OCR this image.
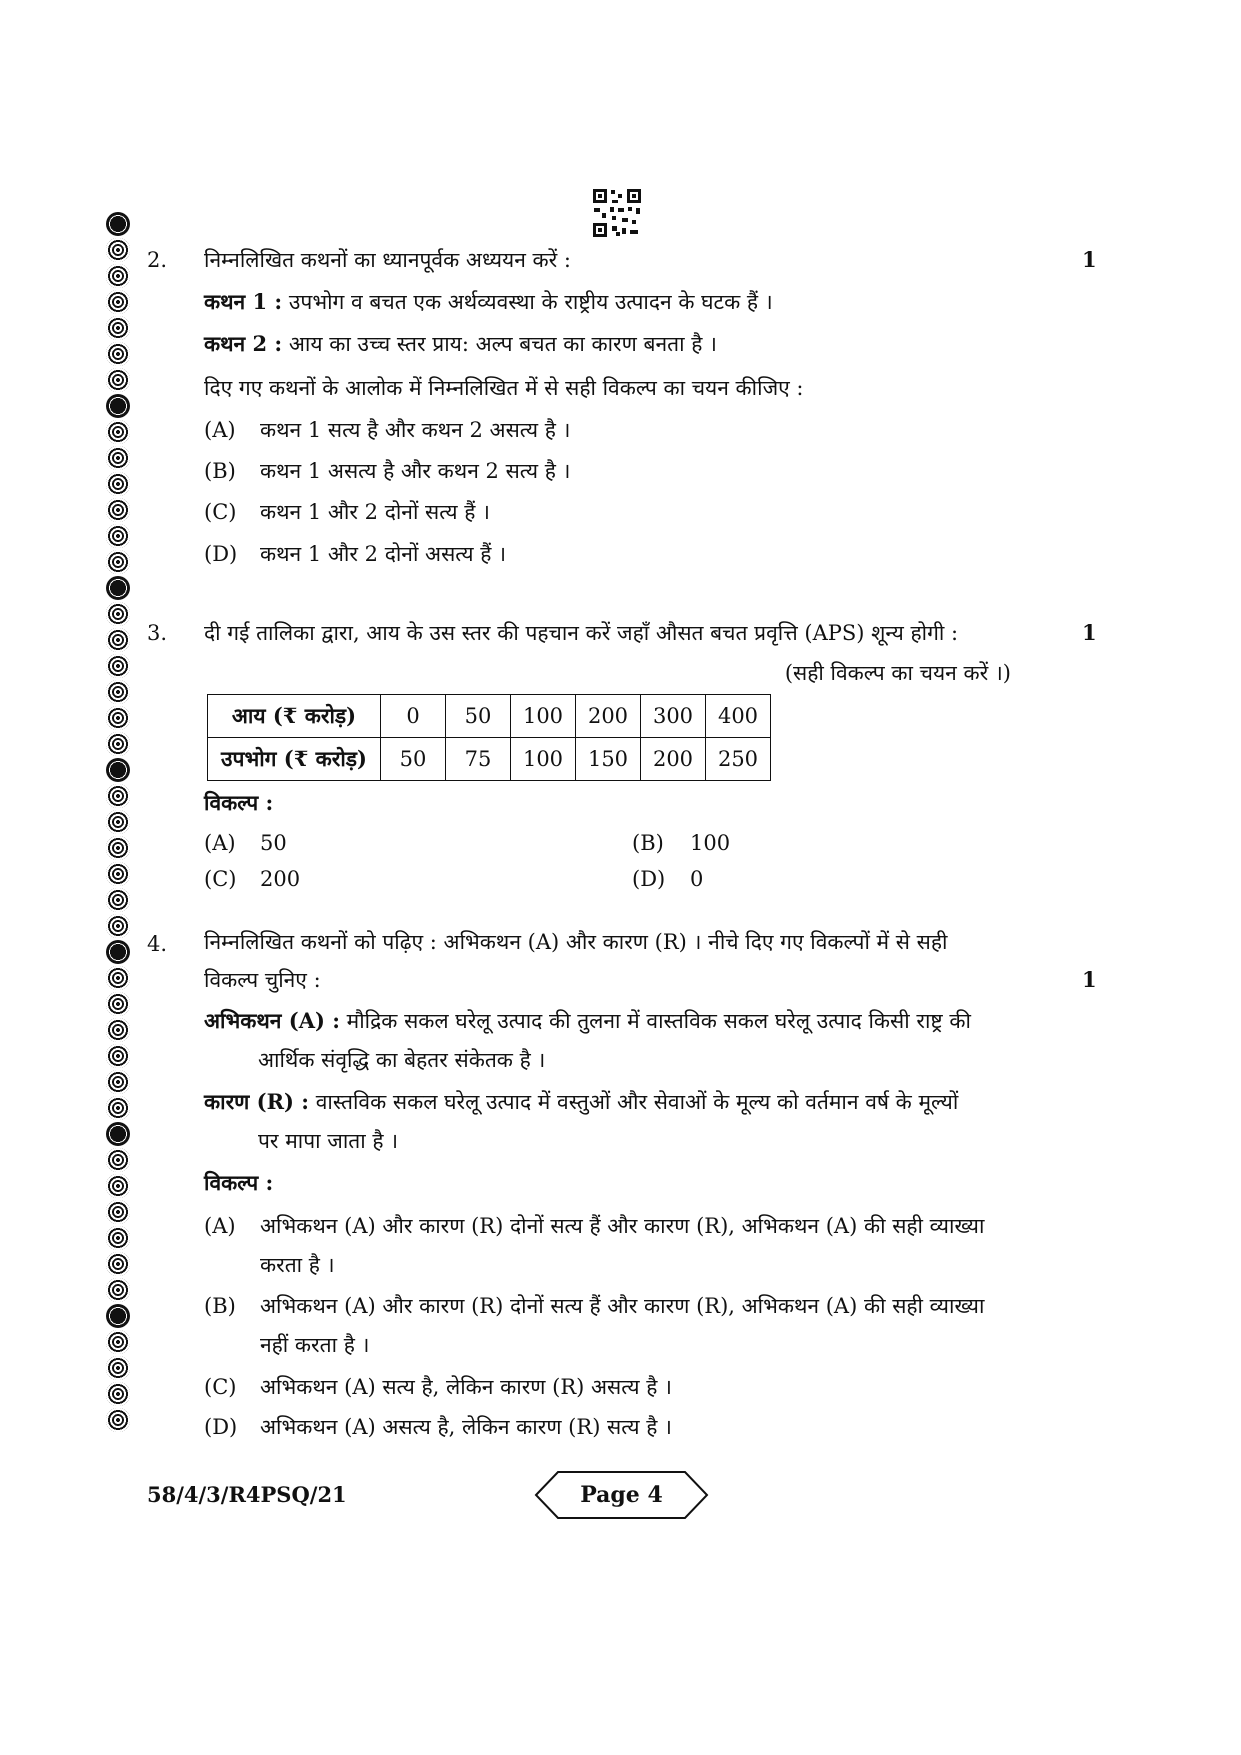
2.	1
निम्नलिखित कथनों का ध्यानपूर्वक अध्ययन करें :
कथन 1 : उपभोग व बचत एक अर्थव्यवस्था के राष्ट्रीय उत्पादन के घटक हैं ।
कथन 2 : आय का उच्च स्तर प्राय: अल्प बचत का कारण बनता है ।
दिए गए कथनों के आलोक में निम्नलिखित में से सही विकल्प का चयन कीजिए :
(A) कथन 1 सत्य है और कथन 2 असत्य है ।
(B) कथन 1 असत्य है और कथन 2 सत्य है ।
(C) कथन 1 और 2 दोनों सत्य हैं ।
(D) कथन 1 और 2 दोनों असत्य हैं ।
3.	1
दी गई तालिका द्वारा, आय के उस स्तर की पहचान करें जहाँ औसत बचत प्रवृत्ति (APS) शून्य होगी :
(सही विकल्प का चयन करें ।)
आय (₹ करोड़)	0	50	100	200	300	400
उपभोग (₹ करोड़)	50	75	100	150	200	250
विकल्प :
(A) 50	(B) 100
(C) 200	(D) 0
4. निम्नलिखित कथनों को पढ़िए : अभिकथन (A) और कारण (R) । नीचे दिए गए विकल्पों में से सही
विकल्प चुनिए :	1
अभिकथन (A) : मौद्रिक सकल घरेलू उत्पाद की तुलना में वास्तविक सकल घरेलू उत्पाद किसी राष्ट्र की
आर्थिक संवृद्धि का बेहतर संकेतक है ।
कारण (R) : वास्तविक सकल घरेलू उत्पाद में वस्तुओं और सेवाओं के मूल्य को वर्तमान वर्ष के मूल्यों
पर मापा जाता है ।
विकल्प :
(A) अभिकथन (A) और कारण (R) दोनों सत्य हैं और कारण (R), अभिकथन (A) की सही व्याख्या
करता है ।
(B) अभिकथन (A) और कारण (R) दोनों सत्य हैं और कारण (R), अभिकथन (A) की सही व्याख्या
नहीं करता है ।
(C) अभिकथन (A) सत्य है, लेकिन कारण (R) असत्य है ।
(D) अभिकथन (A) असत्य है, लेकिन कारण (R) सत्य है ।
58/4/3/R4PSQ/21	Page 4
